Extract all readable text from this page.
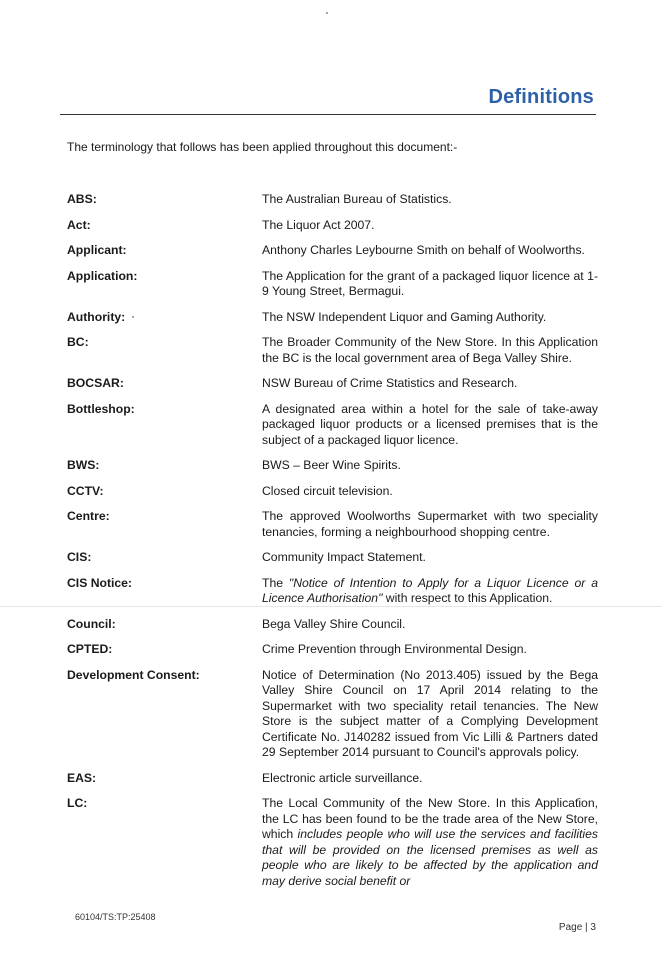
Definitions
The terminology that follows has been applied throughout this document:-
ABS:	The Australian Bureau of Statistics.
Act:	The Liquor Act 2007.
Applicant:	Anthony Charles Leybourne Smith on behalf of Woolworths.
Application:	The Application for the grant of a packaged liquor licence at 1-9 Young Street, Bermagui.
Authority:	The NSW Independent Liquor and Gaming Authority.
BC:	The Broader Community of the New Store. In this Application the BC is the local government area of Bega Valley Shire.
BOCSAR:	NSW Bureau of Crime Statistics and Research.
Bottleshop:	A designated area within a hotel for the sale of take-away packaged liquor products or a licensed premises that is the subject of a packaged liquor licence.
BWS:	BWS – Beer Wine Spirits.
CCTV:	Closed circuit television.
Centre:	The approved Woolworths Supermarket with two speciality tenancies, forming a neighbourhood shopping centre.
CIS:	Community Impact Statement.
CIS Notice:	The "Notice of Intention to Apply for a Liquor Licence or a Licence Authorisation" with respect to this Application.
Council:	Bega Valley Shire Council.
CPTED:	Crime Prevention through Environmental Design.
Development Consent:	Notice of Determination (No 2013.405) issued by the Bega Valley Shire Council on 17 April 2014 relating to the Supermarket with two speciality retail tenancies. The New Store is the subject matter of a Complying Development Certificate No. J140282 issued from Vic Lilli & Partners dated 29 September 2014 pursuant to Council's approvals policy.
EAS:	Electronic article surveillance.
LC:	The Local Community of the New Store. In this Application, the LC has been found to be the trade area of the New Store, which includes people who will use the services and facilities that will be provided on the licensed premises as well as people who are likely to be affected by the application and may derive social benefit or
60104/TS:TP:25408
Page | 3
